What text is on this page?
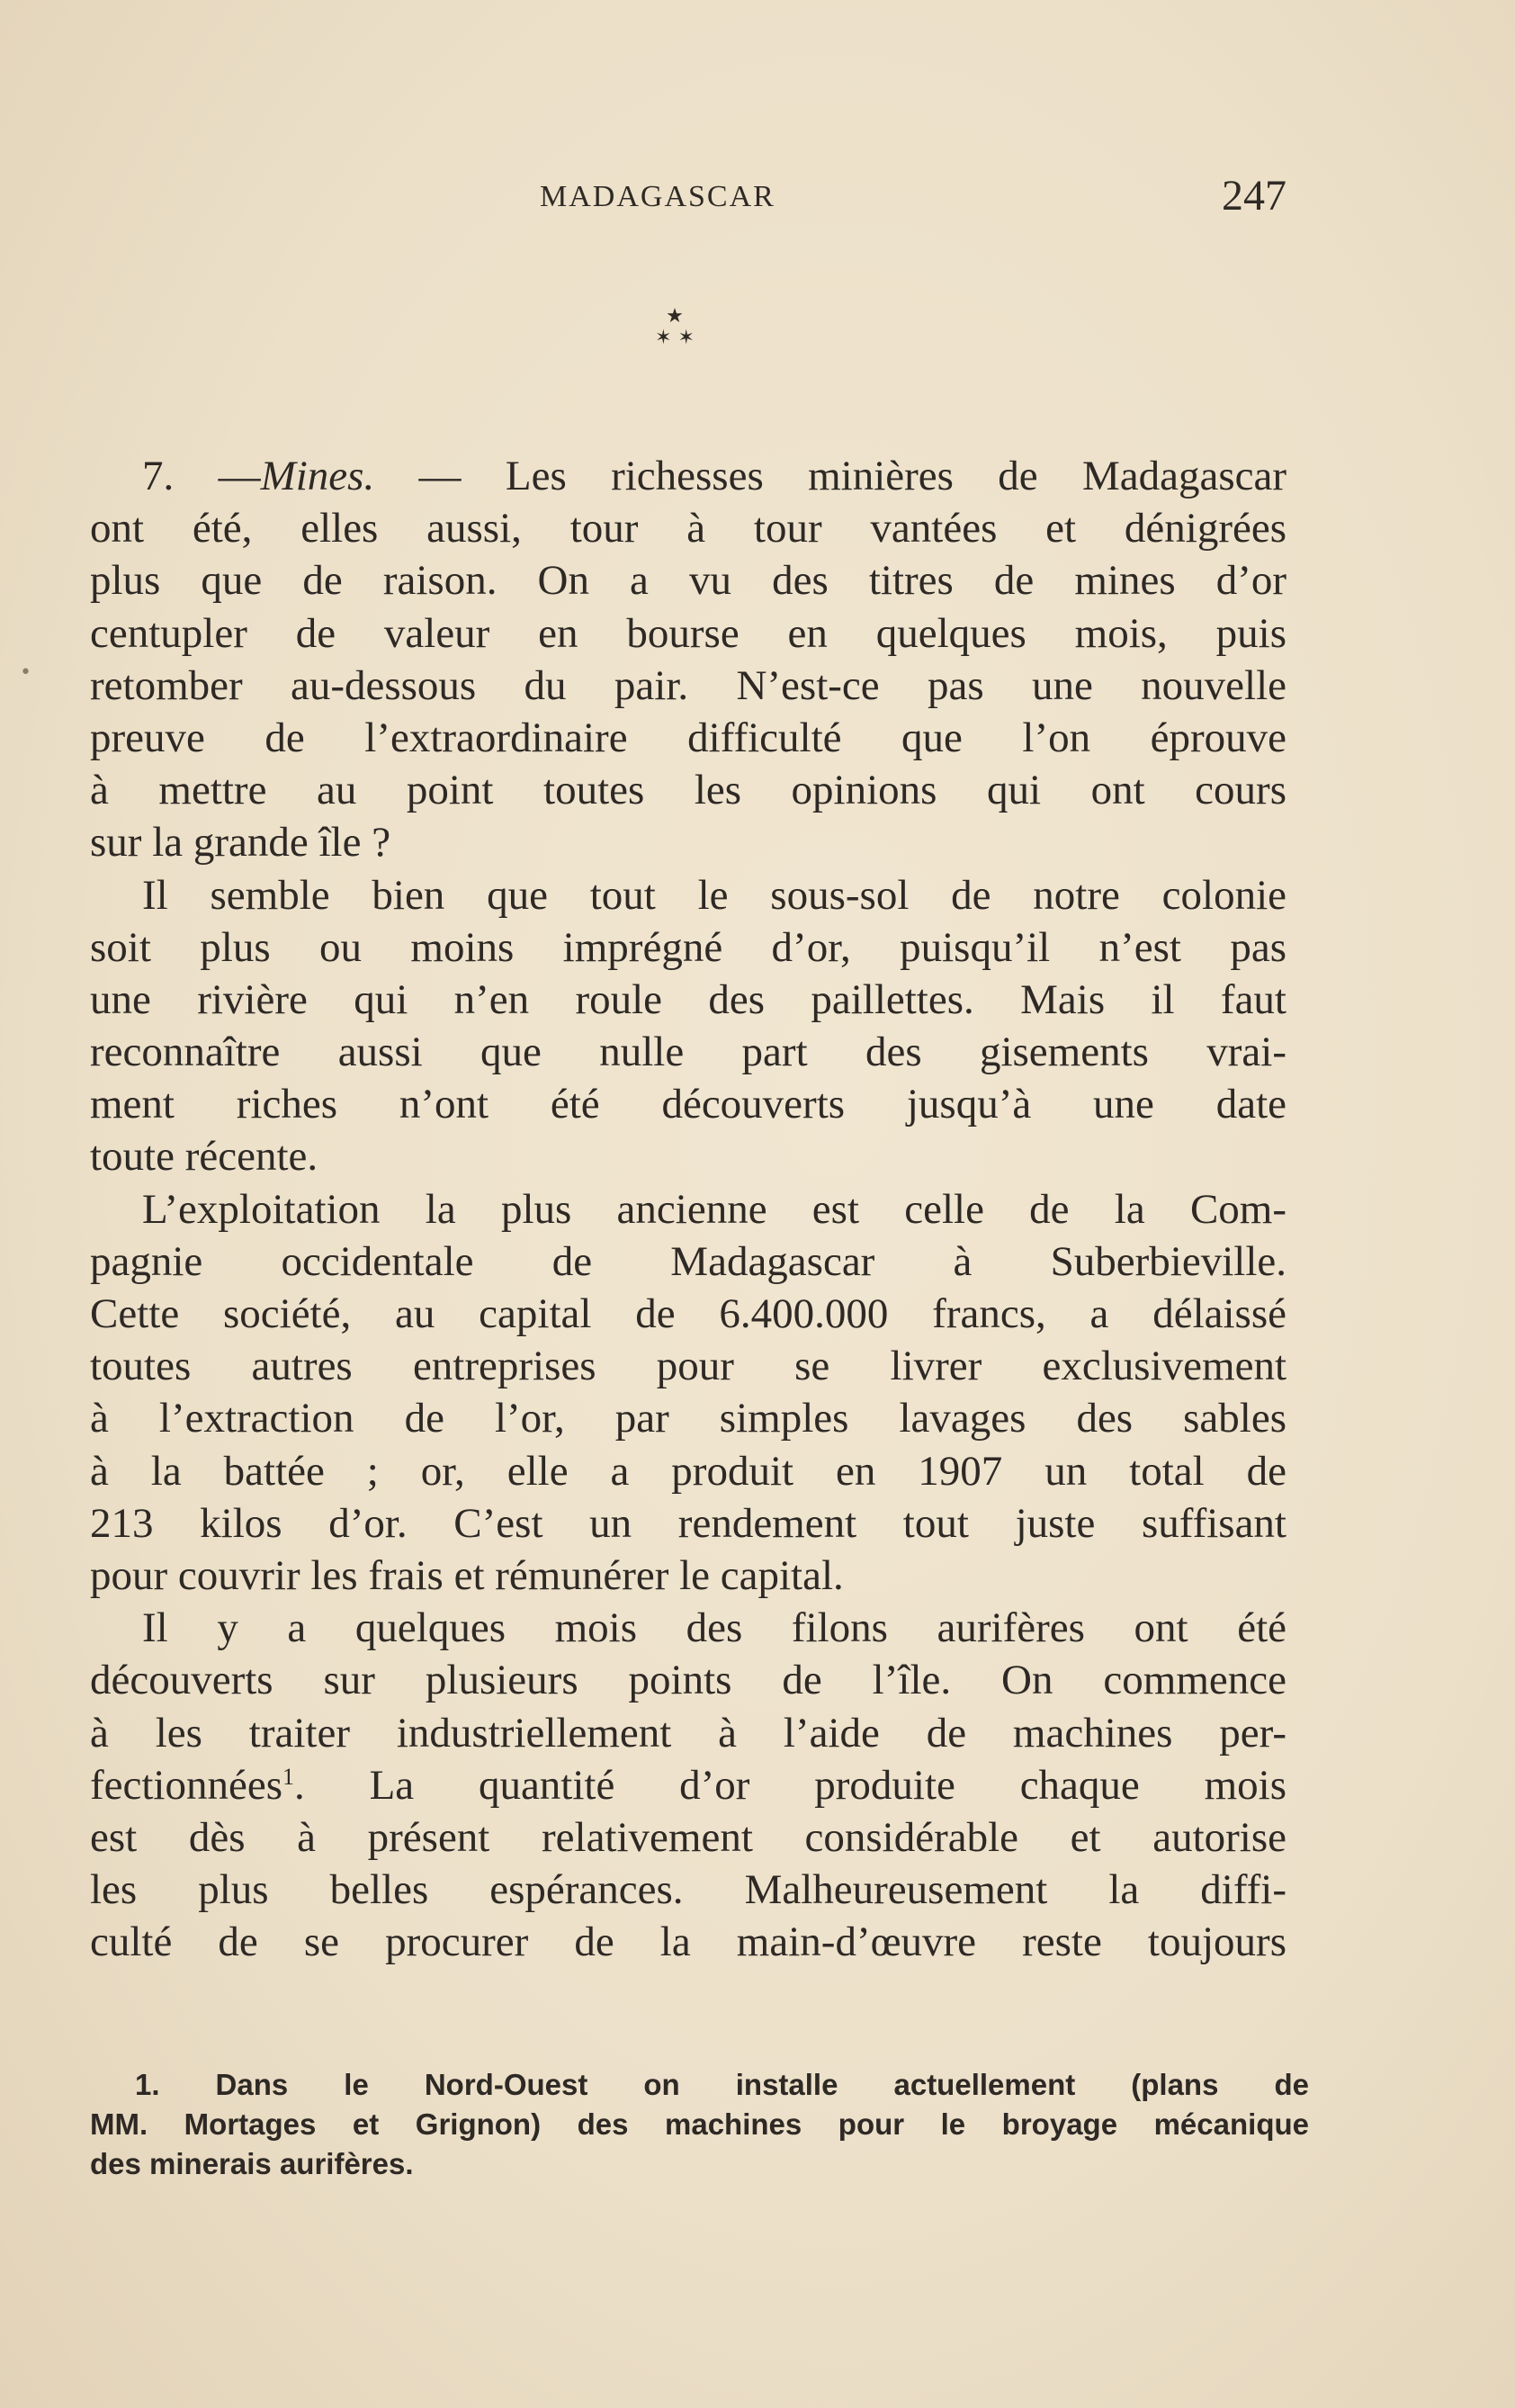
MADAGASCAR	247
★
✶ ✶
•
7. —Mines. — Les richesses minières de Madagascar
ont été, elles aussi, tour à tour vantées et dénigrées
plus que de raison. On a vu des titres de mines d’or
centupler de valeur en bourse en quelques mois, puis
retomber au-dessous du pair. N’est-ce pas une nouvelle
preuve de l’extraordinaire difficulté que l’on éprouve
à mettre au point toutes les opinions qui ont cours
sur la grande île ?
Il semble bien que tout le sous-sol de notre colonie
soit plus ou moins imprégné d’or, puisqu’il n’est pas
une rivière qui n’en roule des paillettes. Mais il faut
reconnaître aussi que nulle part des gisements vrai-
ment riches n’ont été découverts jusqu’à une date
toute récente.
L’exploitation la plus ancienne est celle de la Com-
pagnie occidentale de Madagascar à Suberbieville.
Cette société, au capital de 6.400.000 francs, a délaissé
toutes autres entreprises pour se livrer exclusivement
à l’extraction de l’or, par simples lavages des sables
à la battée ; or, elle a produit en 1907 un total de
213 kilos d’or. C’est un rendement tout juste suffisant
pour couvrir les frais et rémunérer le capital.
Il y a quelques mois des filons aurifères ont été
découverts sur plusieurs points de l’île. On commence
à les traiter industriellement à l’aide de machines per-
fectionnées$^1$. La quantité d’or produite chaque mois
est dès à présent relativement considérable et autorise
les plus belles espérances. Malheureusement la diffi-
culté de se procurer de la main-d’œuvre reste toujours
1. Dans le Nord-Ouest on installe actuellement (plans de
MM. Mortages et Grignon) des machines pour le broyage mécanique
des minerais aurifères.
